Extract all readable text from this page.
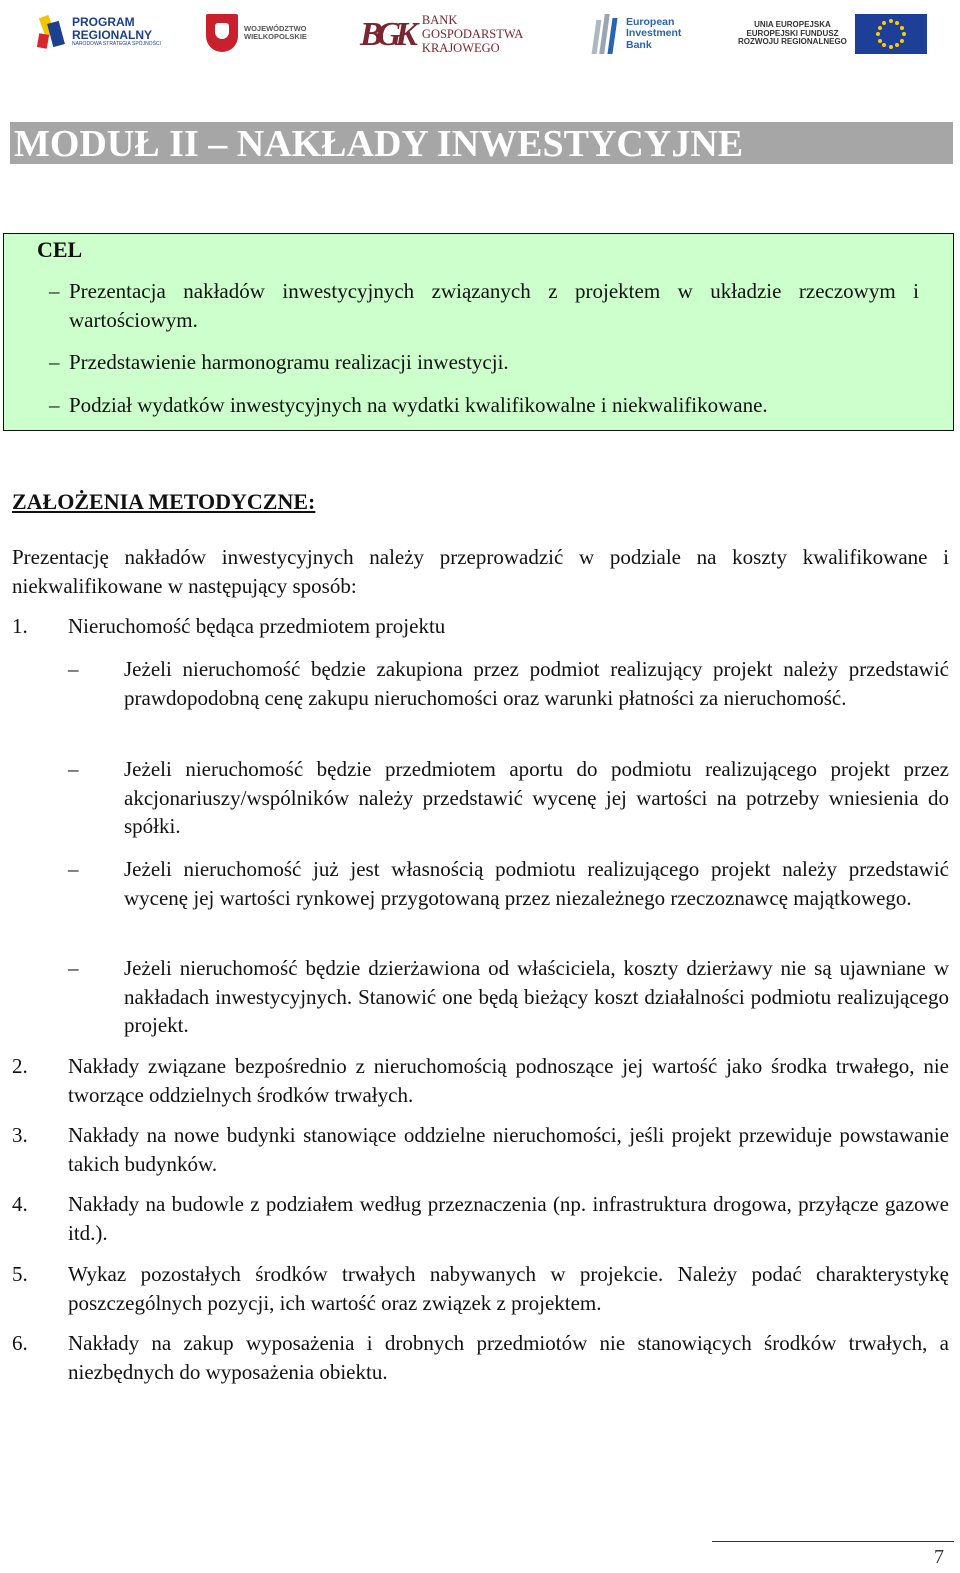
PROGRAM
REGIONALNY
NARODOWA STRATEGIA SPÓJNOŚCI
WOJEWÓDZTWO
WIELKOPOLSKIE BGK BANK
GOSPODARSTWA
KRAJOWEGO
European
Investment
Bank
UNIA EUROPEJSKA
EUROPEJSKI FUNDUSZ
ROZWOJU REGIONALNEGO
MODUŁ II – NAKŁADY INWESTYCYJNE
CEL
– Prezentacja nakładów inwestycyjnych związanych z projektem w układzie rzeczowym i wartościowym.
– Przedstawienie harmonogramu realizacji inwestycji.
– Podział wydatków inwestycyjnych na wydatki kwalifikowalne i niekwalifikowane.
ZAŁOŻENIA METODYCZNE:
Prezentację nakładów inwestycyjnych należy przeprowadzić w podziale na koszty kwalifikowane i niekwalifikowane w następujący sposób:
1. Nieruchomość będąca przedmiotem projektu
– Jeżeli nieruchomość będzie zakupiona przez podmiot realizujący projekt należy przedstawić prawdopodobną cenę zakupu nieruchomości oraz warunki płatności za nieruchomość.
– Jeżeli nieruchomość będzie przedmiotem aportu do podmiotu realizującego projekt przez akcjonariuszy/wspólników należy przedstawić wycenę jej wartości na potrzeby wniesienia do spółki.
– Jeżeli nieruchomość już jest własnością podmiotu realizującego projekt należy przedstawić wycenę jej wartości rynkowej przygotowaną przez niezależnego rzeczoznawcę majątkowego.
– Jeżeli nieruchomość będzie dzierżawiona od właściciela, koszty dzierżawy nie są ujawniane w nakładach inwestycyjnych. Stanowić one będą bieżący koszt działalności podmiotu realizującego projekt.
2. Nakłady związane bezpośrednio z nieruchomością podnoszące jej wartość jako środka trwałego, nie tworzące oddzielnych środków trwałych.
3. Nakłady na nowe budynki stanowiące oddzielne nieruchomości, jeśli projekt przewiduje powstawanie takich budynków.
4. Nakłady na budowle z podziałem według przeznaczenia (np. infrastruktura drogowa, przyłącze gazowe itd.).
5. Wykaz pozostałych środków trwałych nabywanych w projekcie. Należy podać charakterystykę poszczególnych pozycji, ich wartość oraz związek z projektem.
6. Nakłady na zakup wyposażenia i drobnych przedmiotów nie stanowiących środków trwałych, a niezbędnych do wyposażenia obiektu.
7
